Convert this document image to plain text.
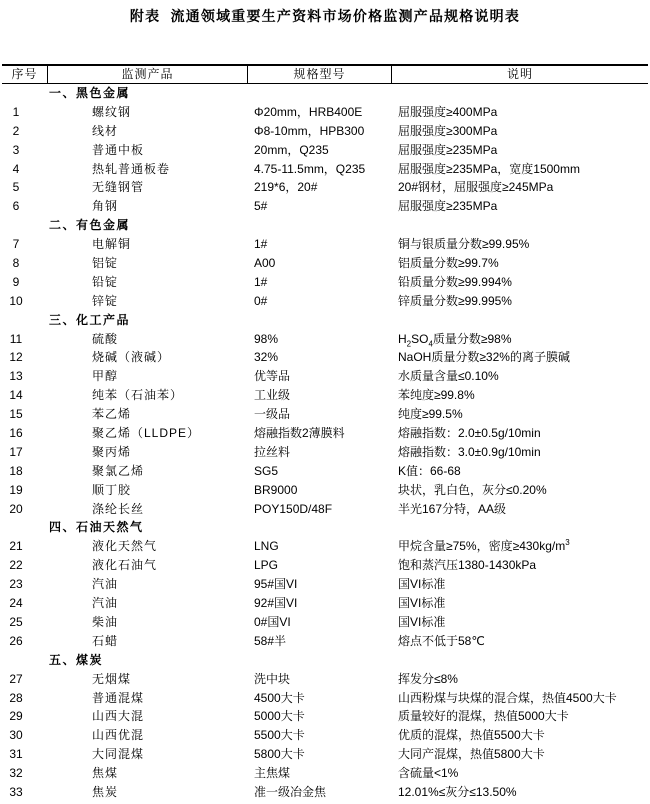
附表  流通领域重要生产资料市场价格监测产品规格说明表
序号	监测产品	规格型号	说明
一、黑色金属
1	螺纹钢	Φ20mm，HRB400E	屈服强度≥400MPa
2	线材	Φ8-10mm，HPB300	屈服强度≥300MPa
3	普通中板	20mm，Q235	屈服强度≥235MPa
4	热轧普通板卷	4.75-11.5mm，Q235	屈服强度≥235MPa，宽度1500mm
5	无缝钢管	219*6，20#	20#钢材，屈服强度≥245MPa
6	角钢	5#	屈服强度≥235MPa
二、有色金属
7	电解铜	1#	铜与银质量分数≥99.95%
8	铝锭	A00	铝质量分数≥99.7%
9	铅锭	1#	铅质量分数≥99.994%
10	锌锭	0#	锌质量分数≥99.995%
三、化工产品
11	硫酸	98%	$H_2SO_4$质量分数≥98%
12	烧碱（液碱）	32%	NaOH质量分数≥32%的离子膜碱
13	甲醇	优等品	水质量含量≤0.10%
14	纯苯（石油苯）	工业级	苯纯度≥99.8%
15	苯乙烯	一级品	纯度≥99.5%
16	聚乙烯（LLDPE）	熔融指数2薄膜料	熔融指数：2.0±0.5g/10min
17	聚丙烯	拉丝料	熔融指数：3.0±0.9g/10min
18	聚氯乙烯	SG5	K值：66-68
19	顺丁胶	BR9000	块状，乳白色，灰分≤0.20%
20	涤纶长丝	POY150D/48F	半光167分特，AA级
四、石油天然气
21	液化天然气	LNG	甲烷含量≥75%，密度$\ge 430kg/m^3$
22	液化石油气	LPG	饱和蒸汽压1380-1430kPa
23	汽油	95#国VI	国VI标准
24	汽油	92#国VI	国VI标准
25	柴油	0#国VI	国VI标准
26	石蜡	58#半	熔点不低于58℃
五、煤炭
27	无烟煤	洗中块	挥发分≤8%
28	普通混煤	4500大卡	山西粉煤与块煤的混合煤，热值4500大卡
29	山西大混	5000大卡	质量较好的混煤，热值5000大卡
30	山西优混	5500大卡	优质的混煤，热值5500大卡
31	大同混煤	5800大卡	大同产混煤，热值5800大卡
32	焦煤	主焦煤	含硫量<1%
33	焦炭	准一级冶金焦	12.01%≤灰分≤13.50%
